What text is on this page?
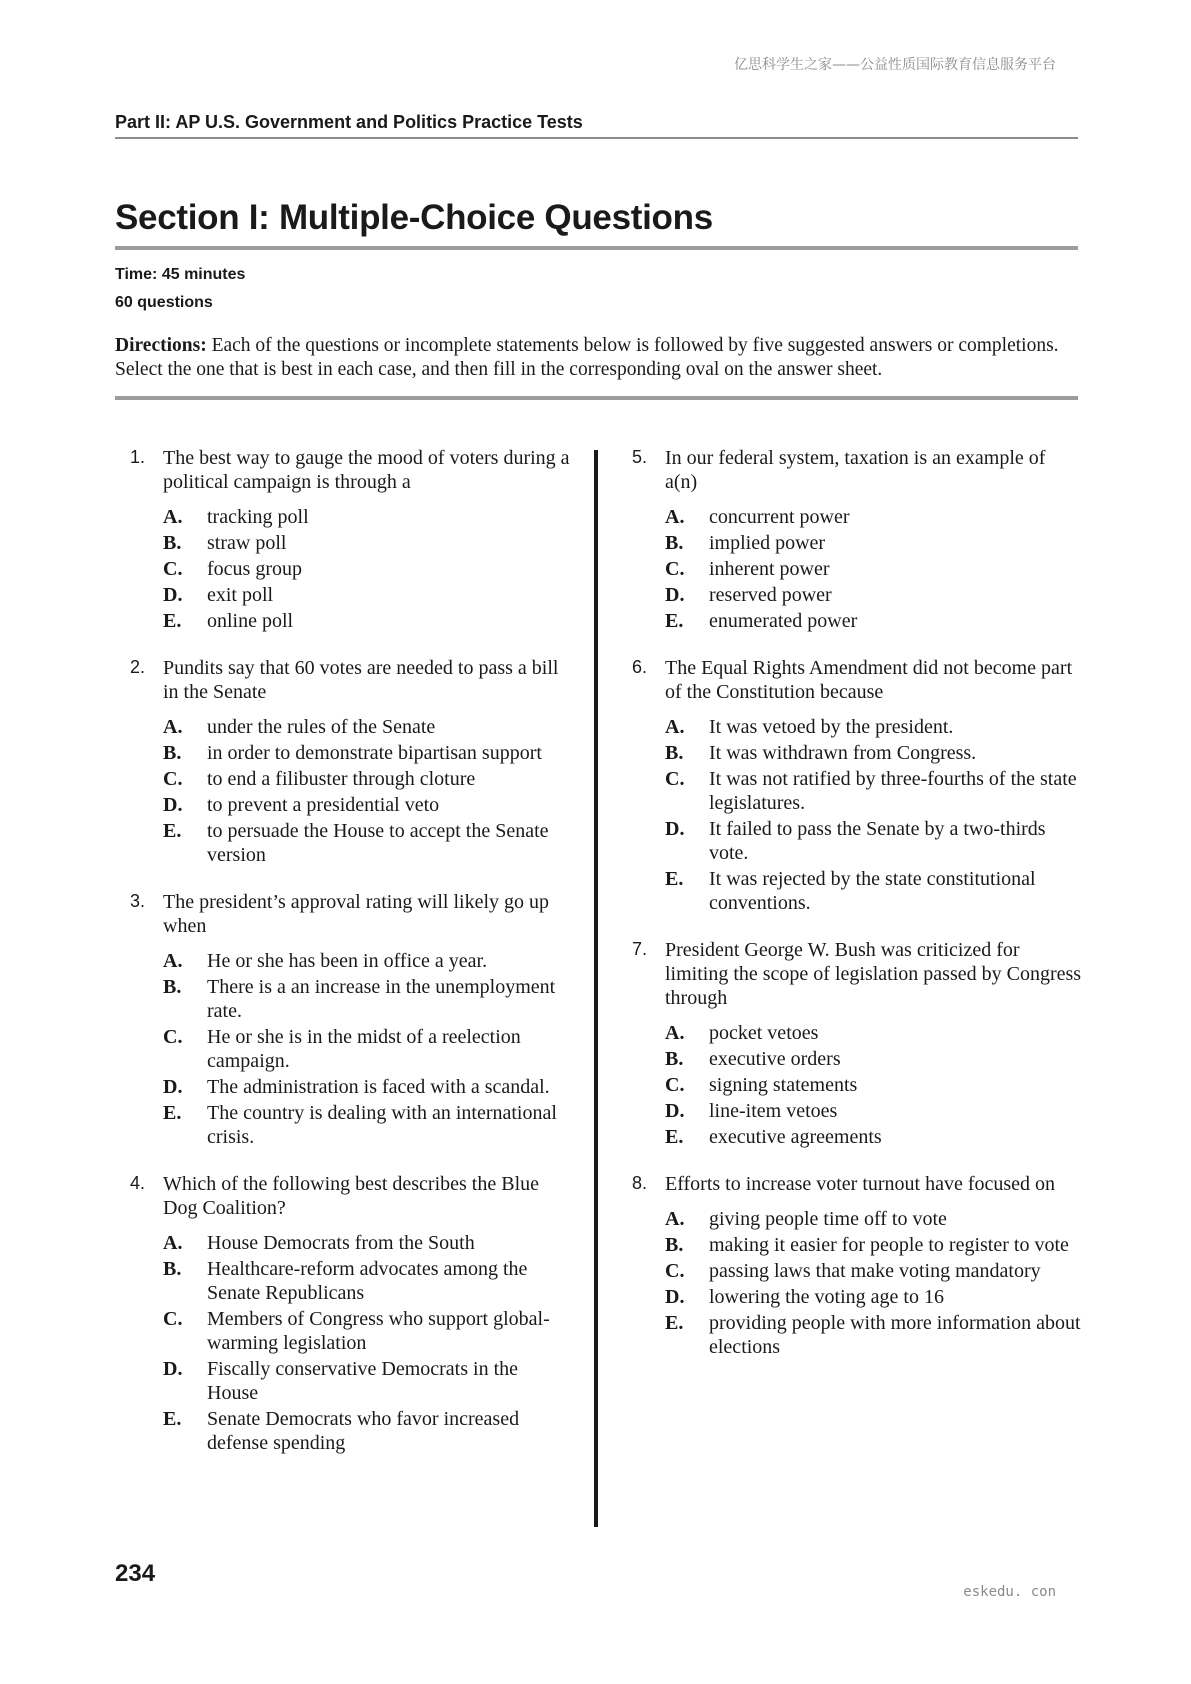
亿思科学生之家——公益性质国际教育信息服务平台
Part II: AP U.S. Government and Politics Practice Tests
Section I: Multiple-Choice Questions
Time: 45 minutes
60 questions
Directions: Each of the questions or incomplete statements below is followed by five suggested answers or completions. Select the one that is best in each case, and then fill in the corresponding oval on the answer sheet.
1. The best way to gauge the mood of voters during a political campaign is through a
A. tracking poll
B. straw poll
C. focus group
D. exit poll
E. online poll
2. Pundits say that 60 votes are needed to pass a bill in the Senate
A. under the rules of the Senate
B. in order to demonstrate bipartisan support
C. to end a filibuster through cloture
D. to prevent a presidential veto
E. to persuade the House to accept the Senate version
3. The president’s approval rating will likely go up when
A. He or she has been in office a year.
B. There is a an increase in the unemployment rate.
C. He or she is in the midst of a reelection campaign.
D. The administration is faced with a scandal.
E. The country is dealing with an international crisis.
4. Which of the following best describes the Blue Dog Coalition?
A. House Democrats from the South
B. Healthcare-reform advocates among the Senate Republicans
C. Members of Congress who support global-warming legislation
D. Fiscally conservative Democrats in the House
E. Senate Democrats who favor increased defense spending
5. In our federal system, taxation is an example of a(n)
A. concurrent power
B. implied power
C. inherent power
D. reserved power
E. enumerated power
6. The Equal Rights Amendment did not become part of the Constitution because
A. It was vetoed by the president.
B. It was withdrawn from Congress.
C. It was not ratified by three-fourths of the state legislatures.
D. It failed to pass the Senate by a two-thirds vote.
E. It was rejected by the state constitutional conventions.
7. President George W. Bush was criticized for limiting the scope of legislation passed by Congress through
A. pocket vetoes
B. executive orders
C. signing statements
D. line-item vetoes
E. executive agreements
8. Efforts to increase voter turnout have focused on
A. giving people time off to vote
B. making it easier for people to register to vote
C. passing laws that make voting mandatory
D. lowering the voting age to 16
E. providing people with more information about elections
234
eskedu. con
